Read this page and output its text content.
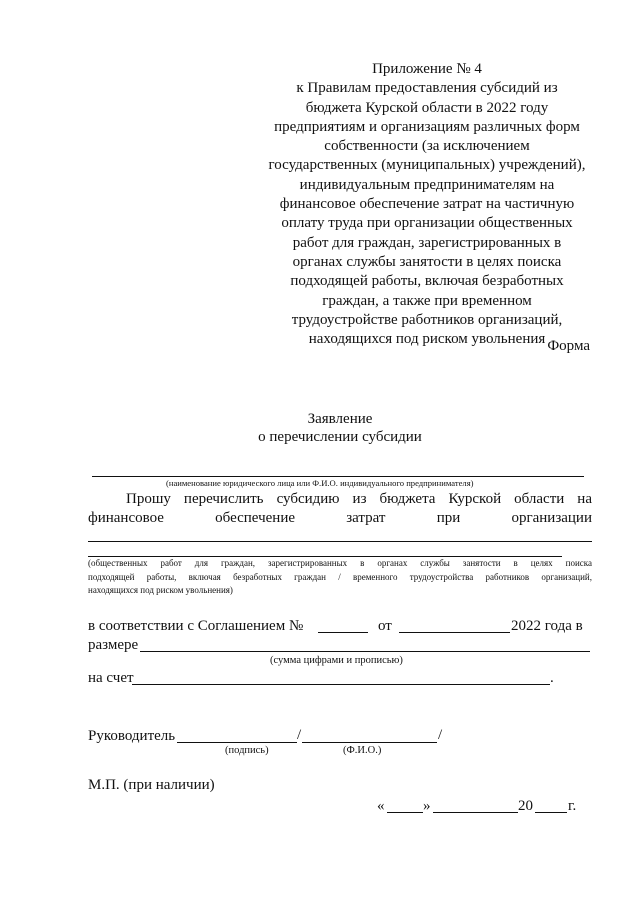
Приложение № 4
к Правилам предоставления субсидий из
бюджета Курской области в 2022 году
предприятиям и организациям различных форм
собственности (за исключением
государственных (муниципальных) учреждений),
индивидуальным предпринимателям на
финансовое обеспечение затрат на частичную
оплату труда при организации общественных
работ для граждан, зарегистрированных в
органах службы занятости в целях поиска
подходящей работы, включая безработных
граждан, а также при временном
трудоустройстве работников организаций,
находящихся под риском увольнения Форма
Заявление
о перечислении субсидии
(наименование юридического лица или Ф.И.О. индивидуального предпринимателя)
Прошу перечислить субсидию из бюджета Курской области на
финансовое обеспечение затрат при организации
(общественных работ для граждан, зарегистрированных в органах службы занятости в целях поиска
подходящей работы, включая безработных граждан / временного трудоустройства работников организаций,
находящихся под риском увольнения)
в соответствии с Соглашением №	от	2022 года в
размере
(сумма цифрами и прописью)
на счет	.
Руководитель	/	/
(подпись)	(Ф.И.О.)
М.П. (при наличии)
«	»	20 г.
